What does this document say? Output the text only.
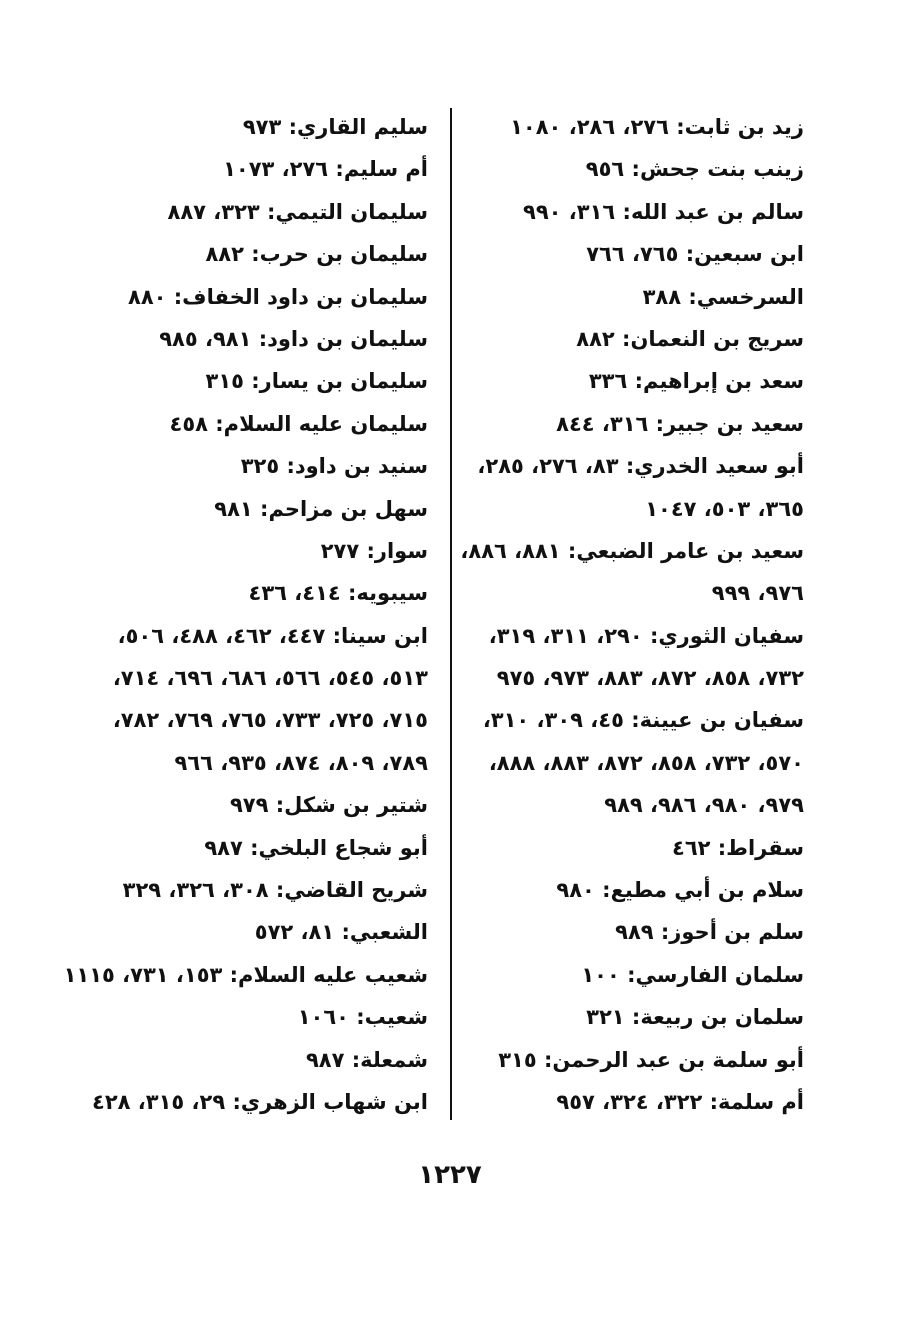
زيد بن ثابت: ٢٧٦، ٢٨٦، ١٠٨٠
زينب بنت جحش: ٩٥٦
سالم بن عبد الله: ٣١٦، ٩٩٠
ابن سبعين: ٧٦٥، ٧٦٦
السرخسي: ٣٨٨
سريج بن النعمان: ٨٨٢
سعد بن إبراهيم: ٣٣٦
سعيد بن جبير: ٣١٦، ٨٤٤
أبو سعيد الخدري: ٨٣، ٢٧٦، ٢٨٥،
٣٦٥، ٥٠٣، ١٠٤٧
سعيد بن عامر الضبعي: ٨٨١، ٨٨٦،
٩٧٦، ٩٩٩
سفيان الثوري: ٢٩٠، ٣١١، ٣١٩،
٧٣٢، ٨٥٨، ٨٧٢، ٨٨٣، ٩٧٣، ٩٧٥
سفيان بن عيينة: ٤٥، ٣٠٩، ٣١٠،
٥٧٠، ٧٣٢، ٨٥٨، ٨٧٢، ٨٨٣، ٨٨٨،
٩٧٩، ٩٨٠، ٩٨٦، ٩٨٩
سقراط: ٤٦٢
سلام بن أبي مطيع: ٩٨٠
سلم بن أحوز: ٩٨٩
سلمان الفارسي: ١٠٠
سلمان بن ربيعة: ٣٢١
أبو سلمة بن عبد الرحمن: ٣١٥
أم سلمة: ٣٢٢، ٣٢٤، ٩٥٧
سليم القاري: ٩٧٣
أم سليم: ٢٧٦، ١٠٧٣
سليمان التيمي: ٣٢٣، ٨٨٧
سليمان بن حرب: ٨٨٢
سليمان بن داود الخفاف: ٨٨٠
سليمان بن داود: ٩٨١، ٩٨٥
سليمان بن يسار: ٣١٥
سليمان عليه السلام: ٤٥٨
سنيد بن داود: ٣٢٥
سهل بن مزاحم: ٩٨١
سوار: ٢٧٧
سيبويه: ٤١٤، ٤٣٦
ابن سينا: ٤٤٧، ٤٦٢، ٤٨٨، ٥٠٦،
٥١٣، ٥٤٥، ٥٦٦، ٦٨٦، ٦٩٦، ٧١٤،
٧١٥، ٧٢٥، ٧٣٣، ٧٦٥، ٧٦٩، ٧٨٢،
٧٨٩، ٨٠٩، ٨٧٤، ٩٣٥، ٩٦٦
شتير بن شكل: ٩٧٩
أبو شجاع البلخي: ٩٨٧
شريح القاضي: ٣٠٨، ٣٢٦، ٣٢٩
الشعبي: ٨١، ٥٧٢
شعيب عليه السلام: ١٥٣، ٧٣١، ١١١٥
شعيب: ١٠٦٠
شمعلة: ٩٨٧
ابن شهاب الزهري: ٢٩، ٣١٥، ٤٢٨
١٢٢٧
